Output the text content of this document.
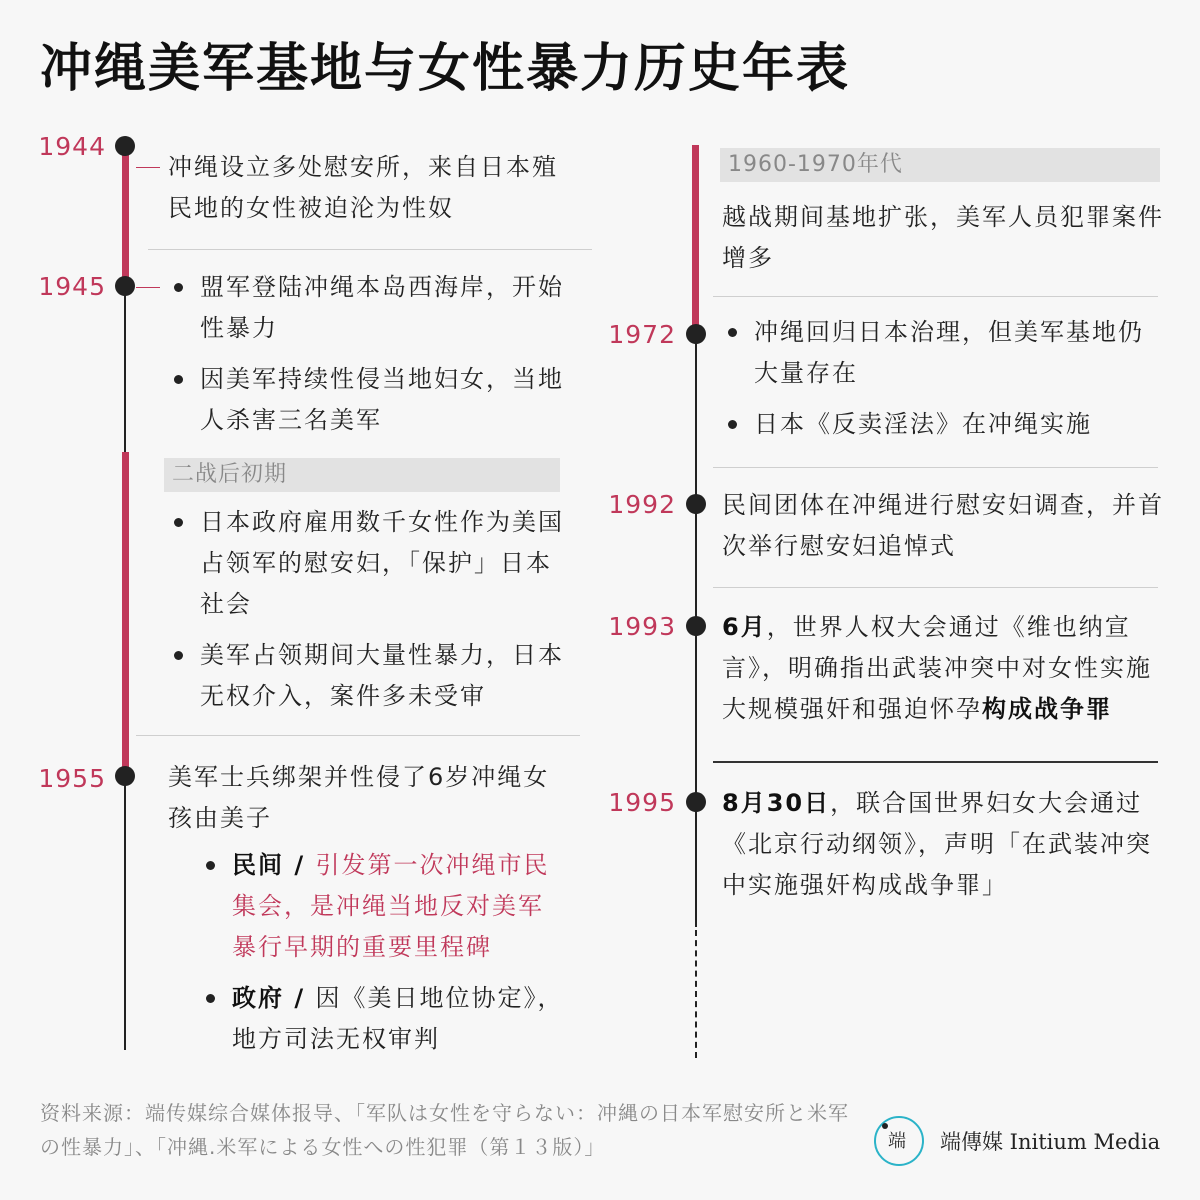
冲绳美军基地与女性暴力历史年表
1944
冲绳设立多处慰安所，来自日本殖民地的女性被迫沦为性奴
1945	盟军登陆冲绳本岛西海岸，开始性暴力
因美军持续性侵当地妇女，当地人杀害三名美军
二战后初期
日本政府雇用数千女性作为美国占领军的慰安妇，「保护」日本社会
美军占领期间大量性暴力，日本无权介入，案件多未受审
1955	美军士兵绑架并性侵了6岁冲绳女孩由美子
民间 / 引发第一次冲绳市民集会，是冲绳当地反对美军暴行早期的重要里程碑
政府 / 因《美日地位协定》，地方司法无权审判
1960-1970年代
越战期间基地扩张，美军人员犯罪案件增多
1972	冲绳回归日本治理，但美军基地仍大量存在
日本《反卖淫法》在冲绳实施
1992 民间团体在冲绳进行慰安妇调查，并首次举行慰安妇追悼式
1993 6月，世界人权大会通过《维也纳宣言》，明确指出武装冲突中对女性实施大规模强奸和强迫怀孕构成战争罪
1995 8月30日，联合国世界妇女大会通过《北京行动纲领》，声明「在武装冲突中实施强奸构成战争罪」
资料来源：端传媒综合媒体报导、「军队は女性を守らない：冲縄の日本军慰安所と米军の性暴力」、「冲縄.米军による女性への性犯罪（第１３版）」	端 端傳媒 Initium Media
